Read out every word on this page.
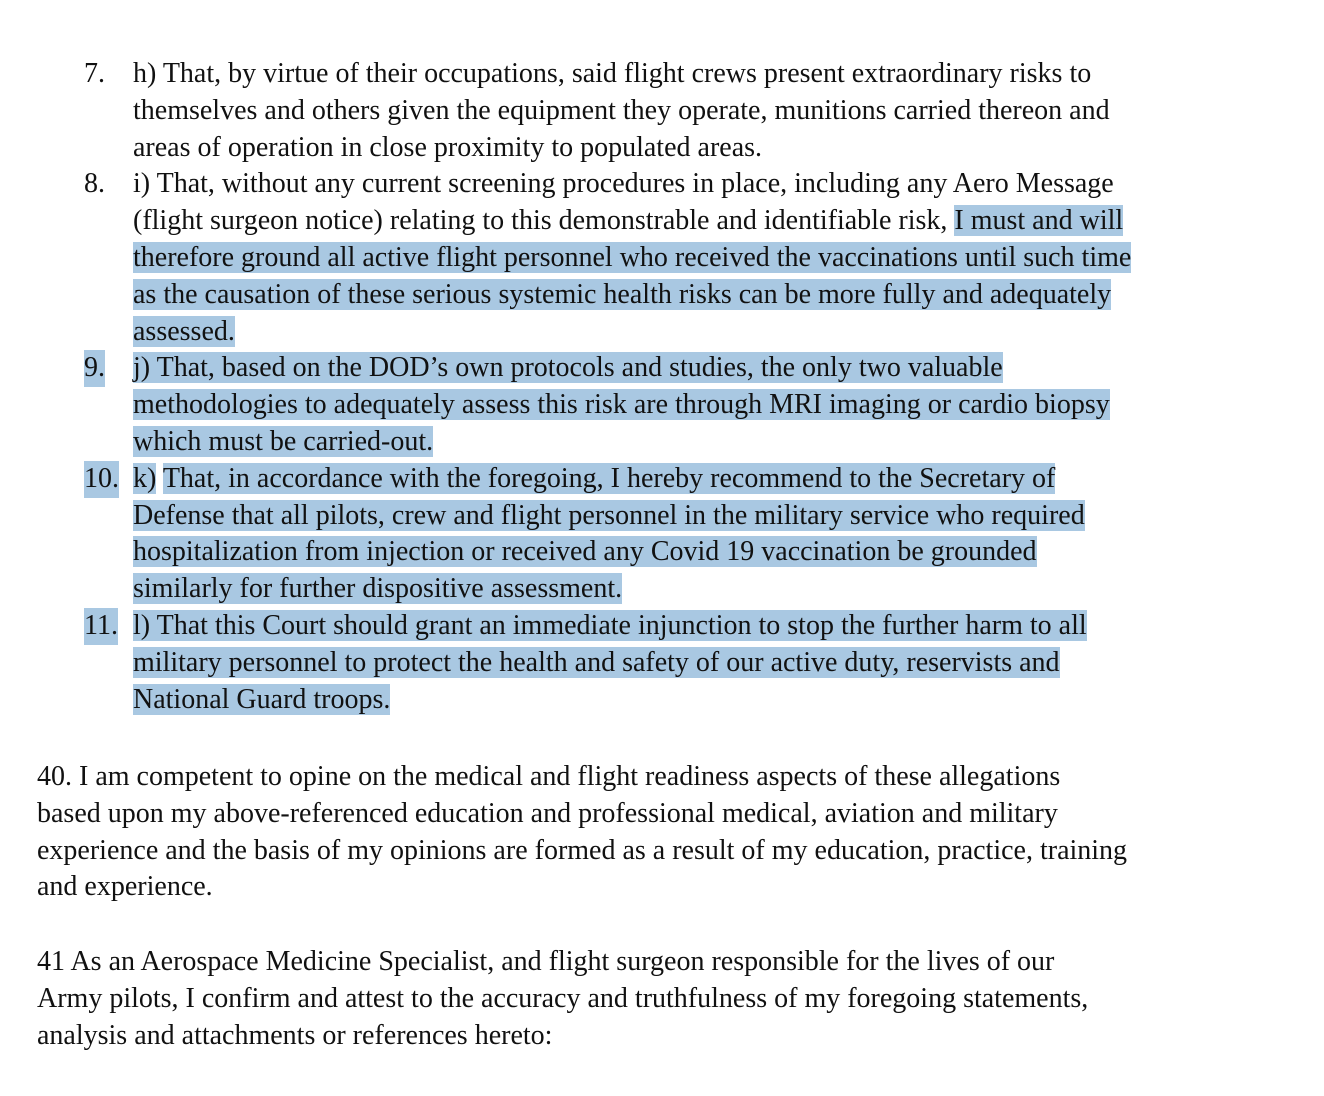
7. h) That, by virtue of their occupations, said flight crews present extraordinary risks to
themselves and others given the equipment they operate, munitions carried thereon and
areas of operation in close proximity to populated areas.
8. i) That, without any current screening procedures in place, including any Aero Message
(flight surgeon notice) relating to this demonstrable and identifiable risk, I must and will
therefore ground all active flight personnel who received the vaccinations until such time
as the causation of these serious systemic health risks can be more fully and adequately
assessed.
9. j) That, based on the DOD’s own protocols and studies, the only two valuable
methodologies to adequately assess this risk are through MRI imaging or cardio biopsy
which must be carried-out.
10. k) That, in accordance with the foregoing, I hereby recommend to the Secretary of
Defense that all pilots, crew and flight personnel in the military service who required
hospitalization from injection or received any Covid 19 vaccination be grounded
similarly for further dispositive assessment.
11. l) That this Court should grant an immediate injunction to stop the further harm to all
military personnel to protect the health and safety of our active duty, reservists and
National Guard troops.
40. I am competent to opine on the medical and flight readiness aspects of these allegations
based upon my above-referenced education and professional medical, aviation and military
experience and the basis of my opinions are formed as a result of my education, practice, training
and experience.
41 As an Aerospace Medicine Specialist, and flight surgeon responsible for the lives of our
Army pilots, I confirm and attest to the accuracy and truthfulness of my foregoing statements,
analysis and attachments or references hereto:
